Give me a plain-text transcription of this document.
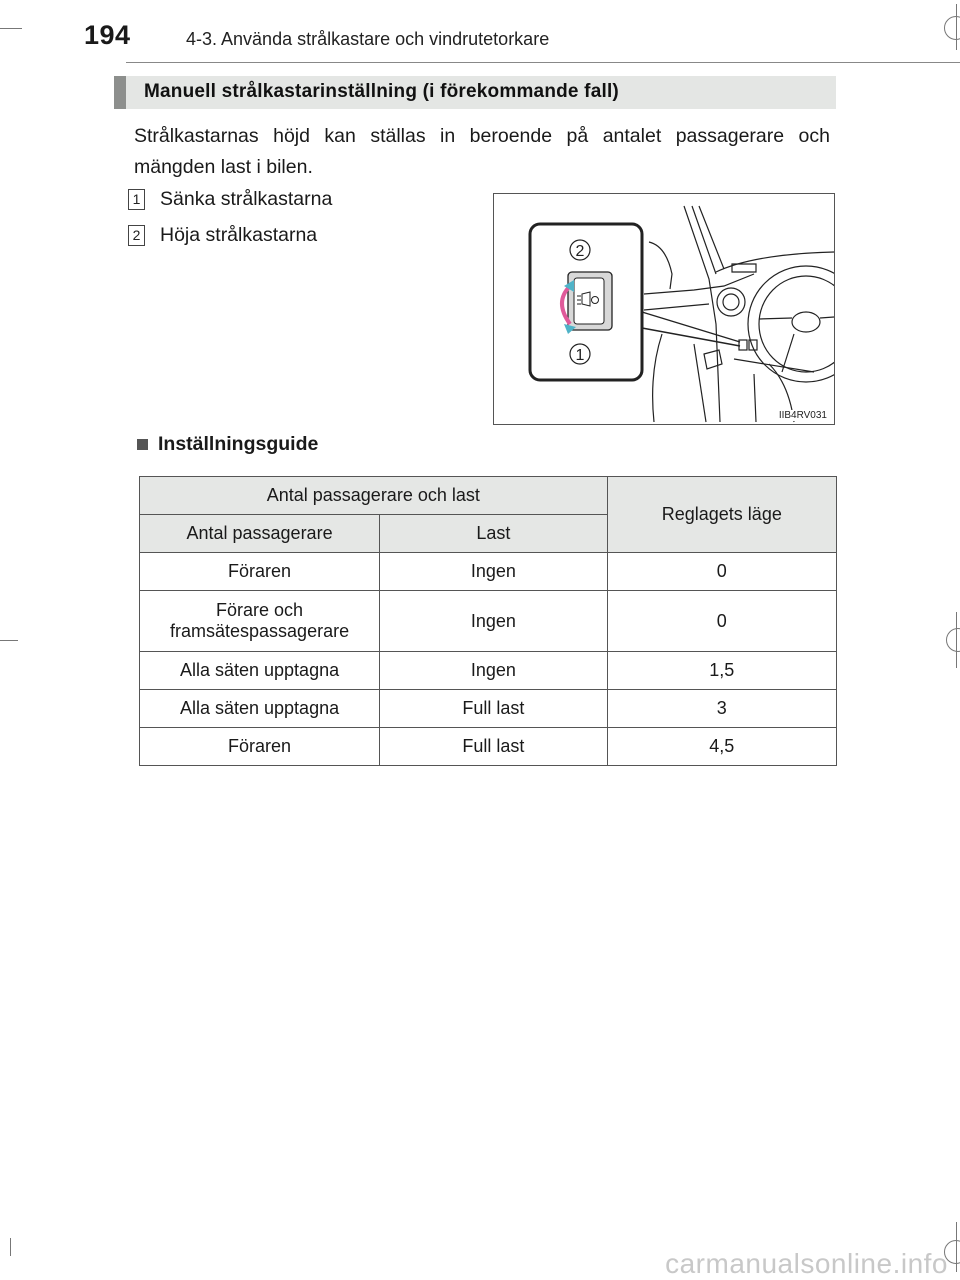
194	4-3. Använda strålkastare och vindrutetorkare
Manuell strålkastarinställning (i förekommande fall)
Strålkastarnas höjd kan ställas in beroende på antalet passagerare och mängden last i bilen.
1 Sänka strålkastarna
2 Höja strålkastarna
2
1
IIB4RV031
Inställningsguide
Antal passagerare och last		Reglagets läge
Antal passagerare	Last	
Föraren	Ingen	0
Förare och framsätespassagerare	Ingen	0
Alla säten upptagna	Ingen	1,5
Alla säten upptagna	Full last	3
Föraren	Full last	4,5
carmanualsonline.info
